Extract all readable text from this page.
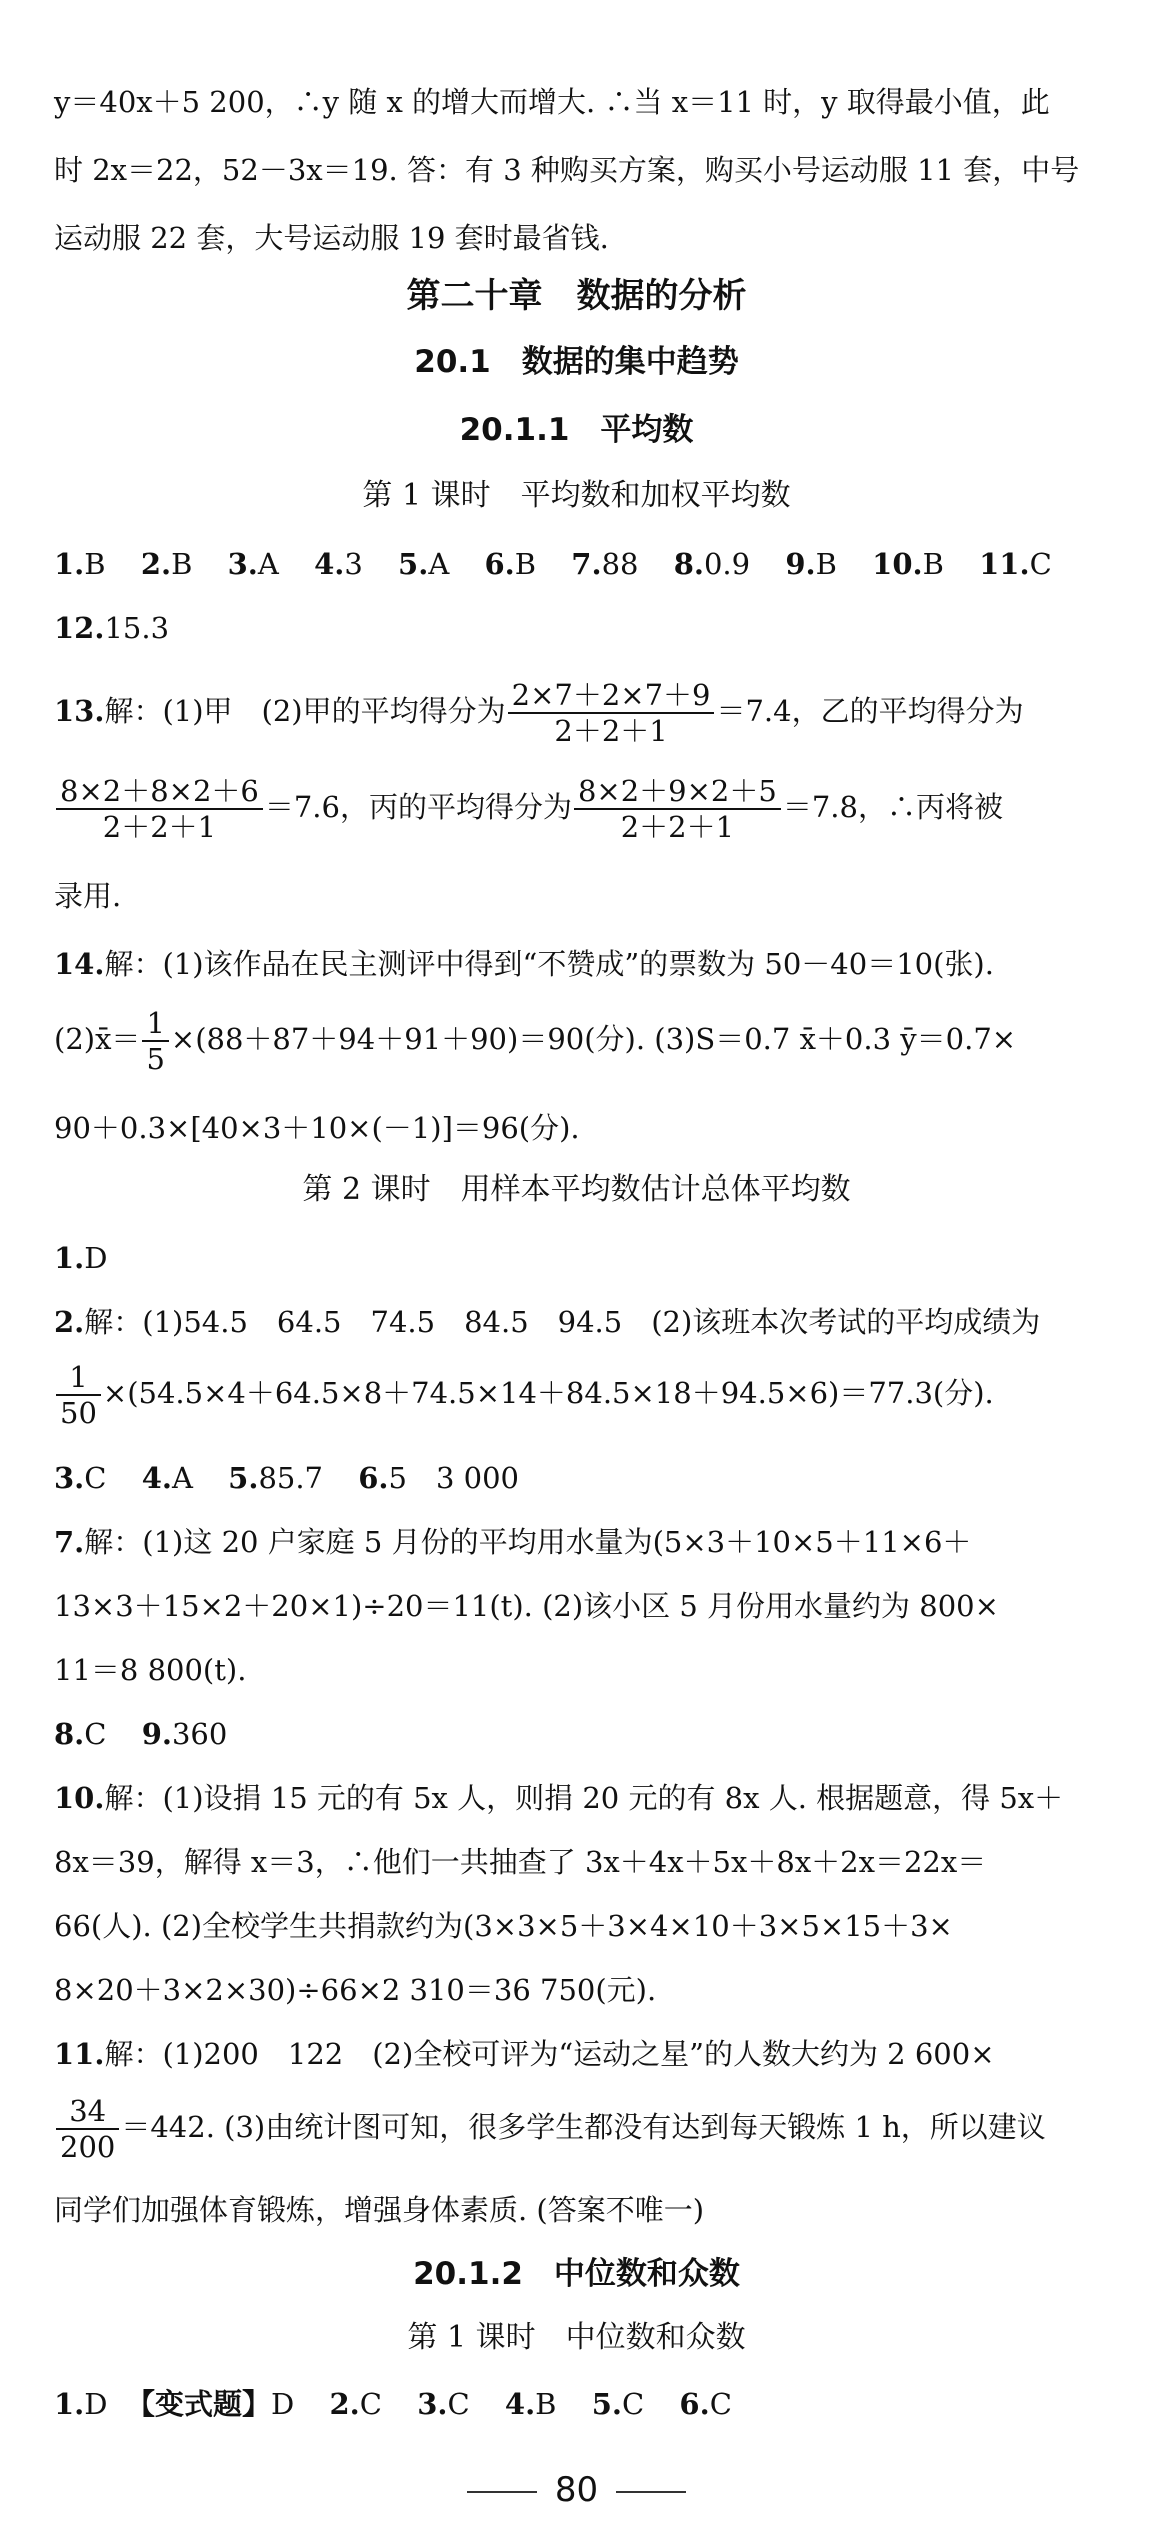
y＝40x＋5 200，∴y 随 x 的增大而增大. ∴当 x＝11 时，y 取得最小值，此
时 2x＝22，52－3x＝19. 答：有 3 种购买方案，购买小号运动服 11 套，中号
运动服 22 套，大号运动服 19 套时最省钱.
第二十章　数据的分析
20.1　数据的集中趋势
20.1.1　平均数
第 1 课时　平均数和加权平均数
1.B 2.B 3.A 4.3 5.A 6.B 7.88 8.0.9 9.B 10.B 11.C
12.15.3
13.解：(1)甲　(2)甲的平均得分为 $\frac{2\times 7+2\times 7+9}{2+2+1} =7.4$，乙的平均得分为
$\frac{8\times 2+8\times 2+6}{2+2+1} =7.6$，丙的平均得分为 $\frac{8\times 2+9\times 2+5}{2+2+1} =7.8$，∴丙将被
录用.
14.解：(1)该作品在民主测评中得到“不赞成”的票数为 50－40＝10(张).
(2)x̄＝ $\frac{1}{5} \times(88+87+94+91+90)=90$(分). (3)S＝0.7 x̄＋0.3 ȳ＝0.7×
90＋0.3×[40×3＋10×(－1)]＝96(分).
第 2 课时　用样本平均数估计总体平均数
1.D
2.解：(1)54.5　64.5　74.5　84.5　94.5　(2)该班本次考试的平均成绩为
$\frac{1}{50} \times(54.5\times 4+64.5\times 8+74.5\times 14+84.5\times 18+94.5\times 6)=77.3$(分).
3.C 4.A 5.85.7 6.5　3 000
7.解：(1)这 20 户家庭 5 月份的平均用水量为(5×3＋10×5＋11×6＋
13×3＋15×2＋20×1)÷20＝11(t). (2)该小区 5 月份用水量约为 800×
11＝8 800(t).
8.C 9.360
10.解：(1)设捐 15 元的有 5x 人，则捐 20 元的有 8x 人. 根据题意，得 5x＋
8x＝39，解得 x＝3，∴他们一共抽查了 3x＋4x＋5x＋8x＋2x＝22x＝
66(人). (2)全校学生共捐款约为(3×3×5＋3×4×10＋3×5×15＋3×
8×20＋3×2×30)÷66×2 310＝36 750(元).
11.解：(1)200　122　(2)全校可评为“运动之星”的人数大约为 2 600×
$\frac{34}{200} =442$. (3)由统计图可知，很多学生都没有达到每天锻炼 1 h，所以建议
同学们加强体育锻炼，增强身体素质. (答案不唯一)
20.1.2　中位数和众数
第 1 课时　中位数和众数
1.D 【变式题】D 2.C 3.C 4.B 5.C 6.C
80
